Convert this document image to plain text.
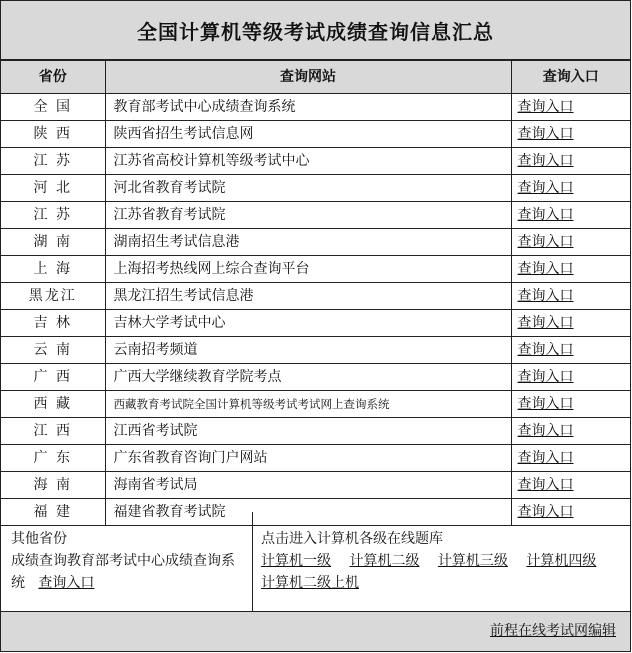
全国计算机等级考试成绩查询信息汇总
省份	查询网站	查询入口
全 国	教育部考试中心成绩查询系统	查询入口
陕 西	陕西省招生考试信息网	查询入口
江 苏	江苏省高校计算机等级考试中心	查询入口
河 北	河北省教育考试院	查询入口
江 苏	江苏省教育考试院	查询入口
湖 南	湖南招生考试信息港	查询入口
上 海	上海招考热线网上综合查询平台	查询入口
黑龙江	黑龙江招生考试信息港	查询入口
吉 林	吉林大学考试中心	查询入口
云 南	云南招考频道	查询入口
广 西	广西大学继续教育学院考点	查询入口
西 藏	西藏教育考试院全国计算机等级考试考试网上查询系统	查询入口
江 西	江西省考试院	查询入口
广 东	广东省教育咨询门户网站	查询入口
海 南	海南省考试局	查询入口
福 建	福建省教育考试院	查询入口
其他省份
成绩查询教育部考试中心成绩查询系统 查询入口
点击进入计算机各级在线题库
计算机一级 计算机二级 计算机三级 计算机四级 计算机二级上机
前程在线考试网编辑
